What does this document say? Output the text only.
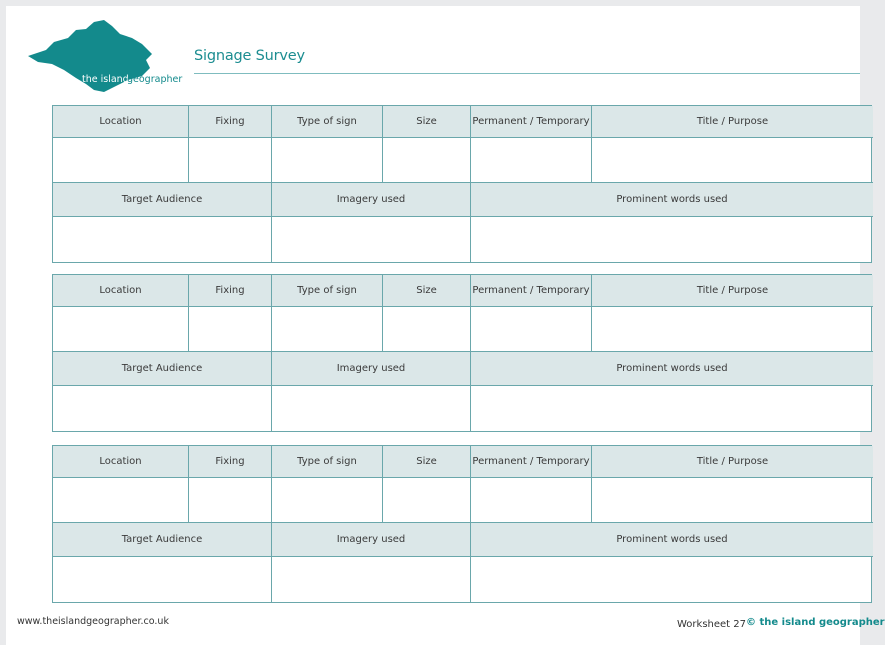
the island
geographer
Signage Survey
Location	Fixing	Type of sign	Size	Permanent / Temporary	Title / Purpose
Target Audience	Imagery used	Prominent words used
Location	Fixing	Type of sign	Size	Permanent / Temporary	Title / Purpose
Target Audience	Imagery used	Prominent words used
Location	Fixing	Type of sign	Size	Permanent / Temporary	Title / Purpose
Target Audience	Imagery used	Prominent words used
www.theislandgeographer.co.uk	Worksheet 27 © the island geographer
